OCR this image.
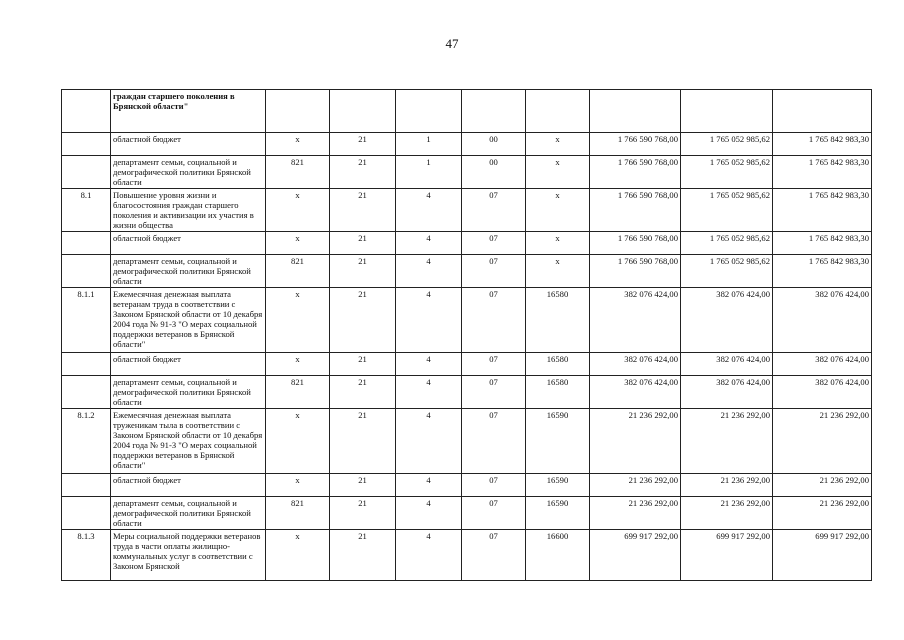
47
	граждан старшего поколения в Брянской области"								
	областной бюджет	х	21	1	00	х	1 766 590 768,00	1 765 052 985,62	1 765 842 983,30
	департамент семьи, социальной и демографической политики Брянской области	821	21	1	00	х	1 766 590 768,00	1 765 052 985,62	1 765 842 983,30
8.1	Повышение уровня жизни и благосостояния граждан старшего поколения и активизации их участия в жизни общества	х	21	4	07	х	1 766 590 768,00	1 765 052 985,62	1 765 842 983,30
	областной бюджет	х	21	4	07	х	1 766 590 768,00	1 765 052 985,62	1 765 842 983,30
	департамент семьи, социальной и демографической политики Брянской области	821	21	4	07	х	1 766 590 768,00	1 765 052 985,62	1 765 842 983,30
8.1.1	Ежемесячная денежная выплата ветеранам труда в соответствии с Законом Брянской области от 10 декабря 2004 года № 91-З "О мерах социальной поддержки ветеранов в Брянской области"	х	21	4	07	16580	382 076 424,00	382 076 424,00	382 076 424,00
	областной бюджет	х	21	4	07	16580	382 076 424,00	382 076 424,00	382 076 424,00
	департамент семьи, социальной и демографической политики Брянской области	821	21	4	07	16580	382 076 424,00	382 076 424,00	382 076 424,00
8.1.2	Ежемесячная денежная выплата труженикам тыла в соответствии с Законом Брянской области от 10 декабря 2004 года № 91-З "О мерах социальной поддержки ветеранов в Брянской области"	х	21	4	07	16590	21 236 292,00	21 236 292,00	21 236 292,00
	областной бюджет	х	21	4	07	16590	21 236 292,00	21 236 292,00	21 236 292,00
	департамент семьи, социальной и демографической политики Брянской области	821	21	4	07	16590	21 236 292,00	21 236 292,00	21 236 292,00
8.1.3	Меры социальной поддержки ветеранов труда в части оплаты жилищно-коммунальных услуг в соответствии с Законом Брянской	х	21	4	07	16600	699 917 292,00	699 917 292,00	699 917 292,00
